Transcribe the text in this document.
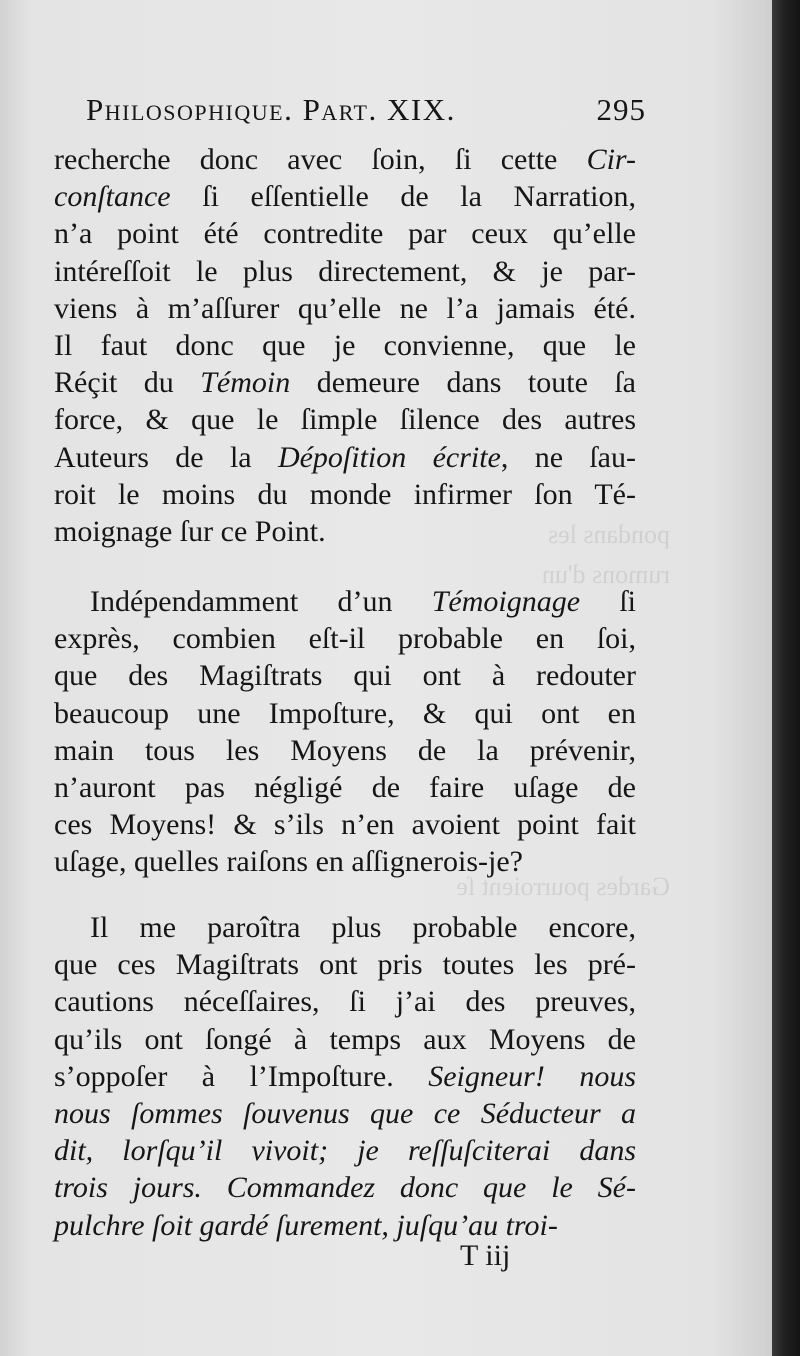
Philosophique. Part. XIX.	295
pondans les
rumons d'un
Gardes pourroient ſe
recherche donc avec ſoin, ſi cette Cir-
conſtance ſi eſſentielle de la Narration,
n’a point été contredite par ceux qu’elle
intéreſſoit le plus directement, & je par-
viens à m’aſſurer qu’elle ne l’a jamais été.
Il faut donc que je convienne, que le
Réçit du Témoin demeure dans toute ſa
force, & que le ſimple ſilence des autres
Auteurs de la Dépoſition écrite, ne ſau-
roit le moins du monde infirmer ſon Té-
moignage ſur ce Point.
Indépendamment d’un Témoignage ſi
exprès, combien eſt-il probable en ſoi,
que des Magiſtrats qui ont à redouter
beaucoup une Impoſture, & qui ont en
main tous les Moyens de la prévenir,
n’auront pas négligé de faire uſage de
ces Moyens! & s’ils n’en avoient point fait
uſage, quelles raiſons en aſſignerois-je?
Il me paroîtra plus probable encore,
que ces Magiſtrats ont pris toutes les pré-
cautions néceſſaires, ſi j’ai des preuves,
qu’ils ont ſongé à temps aux Moyens de
s’oppoſer à l’Impoſture. Seigneur! nous
nous ſommes ſouvenus que ce Séducteur a
dit, lorſqu’il vivoit; je reſſuſciterai dans
trois jours. Commandez donc que le Sé-
pulchre ſoit gardé ſurement, juſqu’au troi-
T iij
